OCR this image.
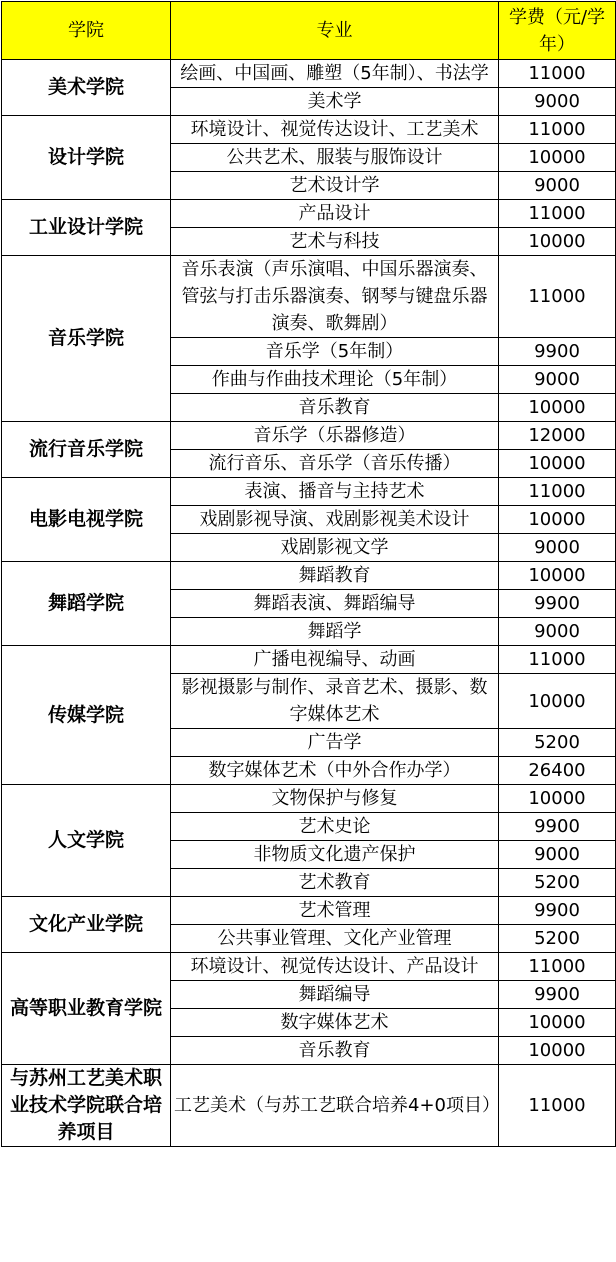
学院	专业	学费（元/学年）
美术学院	绘画、中国画、雕塑（5年制）、书法学	11000
	美术学	9000
设计学院	环境设计、视觉传达设计、工艺美术	11000
	公共艺术、服装与服饰设计	10000
	艺术设计学	9000
工业设计学院	产品设计	11000
	艺术与科技	10000
音乐学院	音乐表演（声乐演唱、中国乐器演奏、管弦与打击乐器演奏、钢琴与键盘乐器演奏、歌舞剧）	11000
	音乐学（5年制）	9900
	作曲与作曲技术理论（5年制）	9000
	音乐教育	10000
流行音乐学院	音乐学（乐器修造）	12000
	流行音乐、音乐学（音乐传播）	10000
电影电视学院	表演、播音与主持艺术	11000
	戏剧影视导演、戏剧影视美术设计	10000
	戏剧影视文学	9000
舞蹈学院	舞蹈教育	10000
	舞蹈表演、舞蹈编导	9900
	舞蹈学	9000
传媒学院	广播电视编导、动画	11000
	影视摄影与制作、录音艺术、摄影、数字媒体艺术	10000
	广告学	5200
	数字媒体艺术（中外合作办学）	26400
人文学院	文物保护与修复	10000
	艺术史论	9900
	非物质文化遗产保护	9000
	艺术教育	5200
文化产业学院	艺术管理	9900
	公共事业管理、文化产业管理	5200
高等职业教育学院	环境设计、视觉传达设计、产品设计	11000
	舞蹈编导	9900
	数字媒体艺术	10000
	音乐教育	10000
与苏州工艺美术职业技术学院联合培养项目	工艺美术（与苏工艺联合培养4+0项目）	11000
